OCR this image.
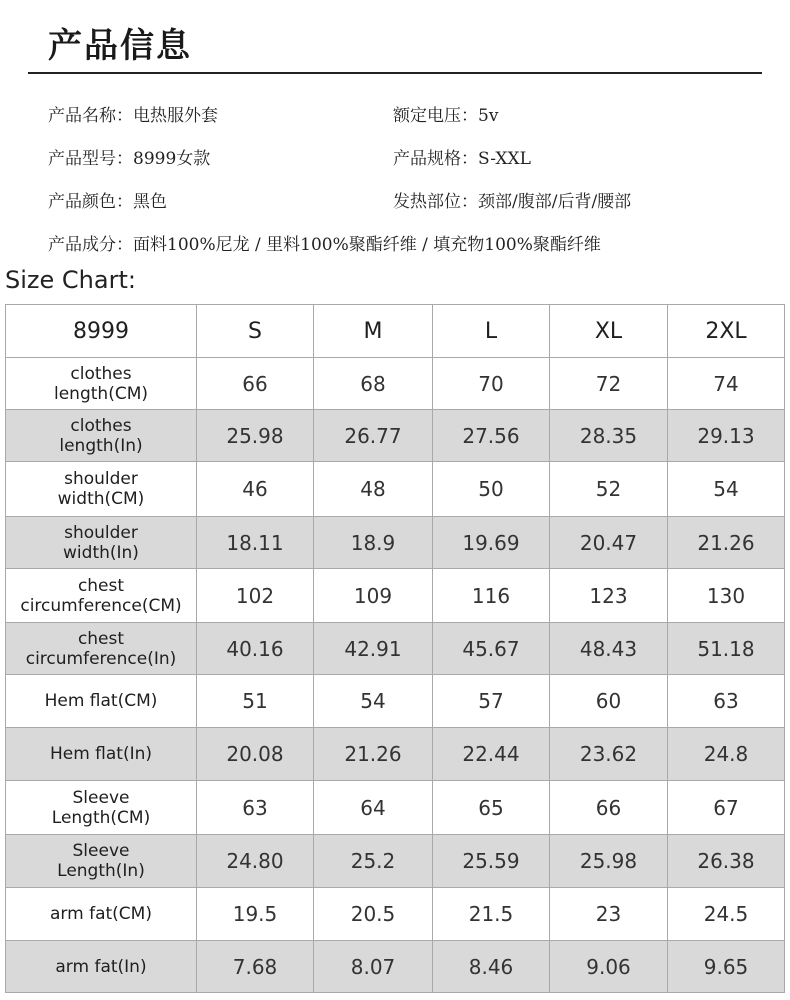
产品信息
产品名称：电热服外套	额定电压：5v
产品型号：8999女款	产品规格：S-XXL
产品颜色：黑色	发热部位：颈部/腹部/后背/腰部
产品成分：面料100%尼龙 / 里料100%聚酯纤维 / 填充物100%聚酯纤维
Size Chart:
8999	S	M	L	XL	2XL

clothes
length(CM)	66	68	70	72	74

clothes
length(In)	25.98	26.77	27.56	28.35	29.13

shoulder
width(CM)	46	48	50	52	54

shoulder
width(In)	18.11	18.9	19.69	20.47	21.26

chest
circumference(CM)	102	109	116	123	130

chest
circumference(In)	40.16	42.91	45.67	48.43	51.18

Hem flat(CM)	51	54	57	60	63

Hem flat(In)	20.08	21.26	22.44	23.62	24.8

Sleeve
Length(CM)	63	64	65	66	67

Sleeve
Length(In)	24.80	25.2	25.59	25.98	26.38

arm fat(CM)	19.5	20.5	21.5	23	24.5

arm fat(In)	7.68	8.07	8.46	9.06	9.65
